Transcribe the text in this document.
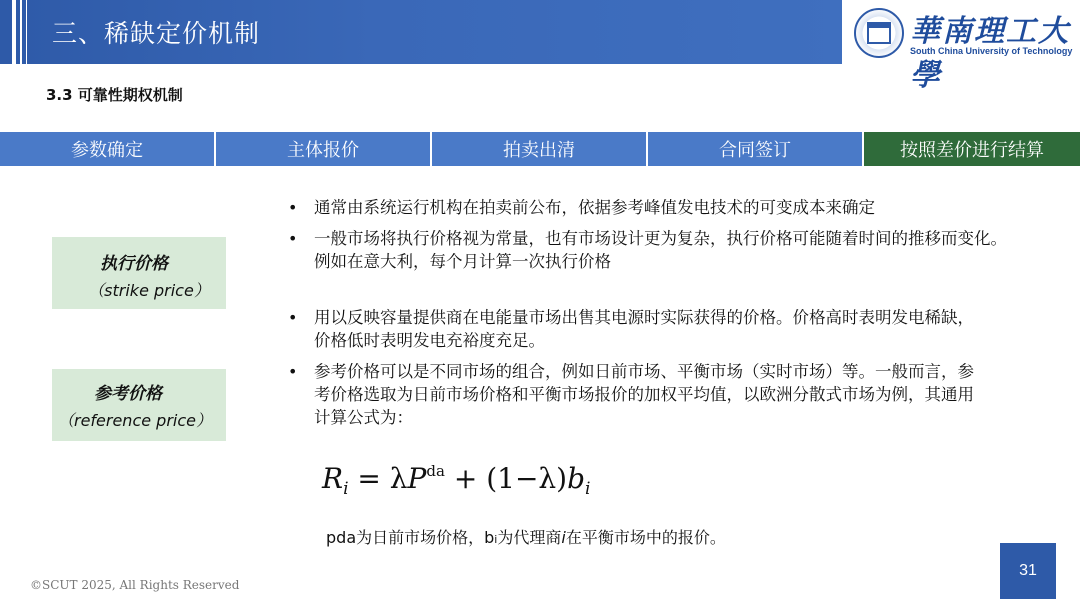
三、稀缺定价机制	華南理工大學
South China University of Technology
3.3 可靠性期权机制
参数确定	主体报价	拍卖出清	合同签订	按照差价进行结算
执行价格
（strike price）
参考价格
（reference price）
• 通常由系统运行机构在拍卖前公布，依据参考峰值发电技术的可变成本来确定
• 一般市场将执行价格视为常量，也有市场设计更为复杂，执行价格可能随着时间的推移而变化。例如在意大利，每个月计算一次执行价格
• 用以反映容量提供商在电能量市场出售其电源时实际获得的价格。价格高时表明发电稀缺，价格低时表明发电充裕度充足。
• 参考价格可以是不同市场的组合，例如日前市场、平衡市场（实时市场）等。一般而言，参考价格选取为日前市场价格和平衡市场报价的加权平均值，以欧洲分散式市场为例，其通用计算公式为：
$R_i = \lambda P^{da} + (1-\lambda)b_i$
pda为日前市场价格，bi为代理商i在平衡市场中的报价。
©SCUT 2025, All Rights Reserved
31
